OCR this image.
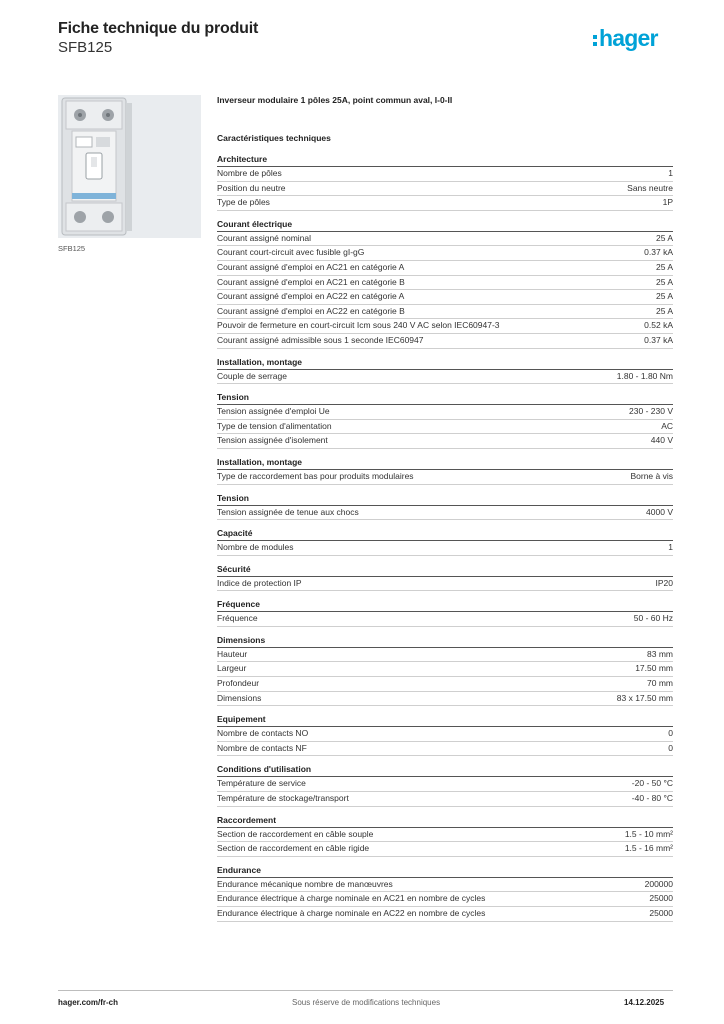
Fiche technique du produit
SFB125	hager
SFB125
Inverseur modulaire 1 pôles 25A, point commun aval, I-0-II
Caractéristiques techniques
Architecture
Nombre de pôles	1
Position du neutre	Sans neutre
Type de pôles	1P
Courant électrique
Courant assigné nominal	25 A
Courant court-circuit avec fusible gI-gG	0.37 kA
Courant assigné d'emploi en AC21 en catégorie A	25 A
Courant assigné d'emploi en AC21 en catégorie B	25 A
Courant assigné d'emploi en AC22 en catégorie A	25 A
Courant assigné d'emploi en AC22 en catégorie B	25 A
Pouvoir de fermeture en court-circuit Icm sous 240 V AC selon IEC60947-3	0.52 kA
Courant assigné admissible sous 1 seconde IEC60947	0.37 kA
Installation, montage
Couple de serrage	1.80 - 1.80 Nm
Tension
Tension assignée d'emploi Ue	230 - 230 V
Type de tension d'alimentation	AC
Tension assignée d'isolement	440 V
Installation, montage
Type de raccordement bas pour produits modulaires	Borne à vis
Tension
Tension assignée de tenue aux chocs	4000 V
Capacité
Nombre de modules	1
Sécurité
Indice de protection IP	IP20
Fréquence
Fréquence	50 - 60 Hz
Dimensions
Hauteur	83 mm
Largeur	17.50 mm
Profondeur	70 mm
Dimensions	83 x 17.50 mm
Equipement
Nombre de contacts NO	0
Nombre de contacts NF	0
Conditions d'utilisation
Température de service	-20 - 50 °C
Température de stockage/transport	-40 - 80 °C
Raccordement
Section de raccordement en câble souple	1.5 - 10 mm²
Section de raccordement en câble rigide	1.5 - 16 mm²
Endurance
Endurance mécanique nombre de manœuvres	200000
Endurance électrique à charge nominale en AC21 en nombre de cycles	25000
Endurance électrique à charge nominale en AC22 en nombre de cycles	25000
hager.com/fr-ch	Sous réserve de modifications techniques	14.12.2025
